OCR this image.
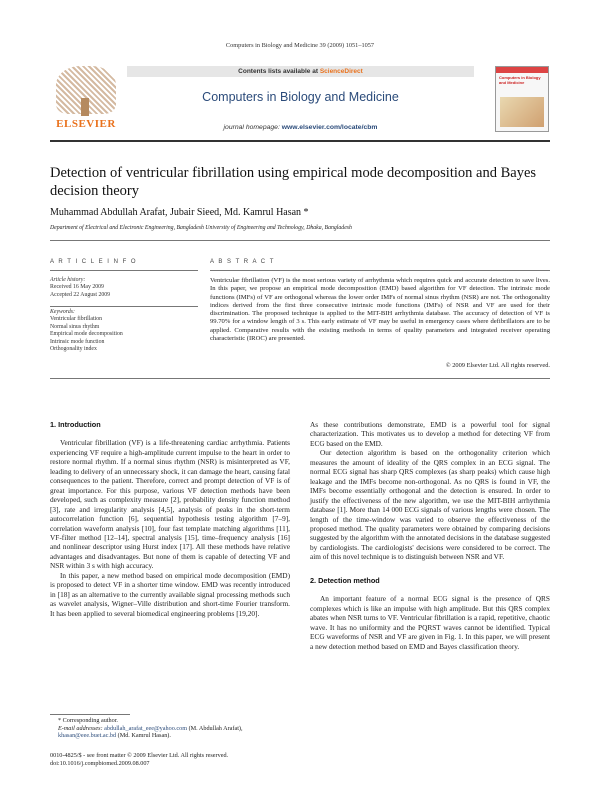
Computers in Biology and Medicine 39 (2009) 1051–1057
ELSEVIER
Contents lists available at ScienceDirect
Computers in Biology and Medicine
journal homepage: www.elsevier.com/locate/cbm
Computers in Biology and Medicine
Detection of ventricular fibrillation using empirical mode decomposition and Bayes decision theory
Muhammad Abdullah Arafat, Jubair Sieed, Md. Kamrul Hasan *
Department of Electrical and Electronic Engineering, Bangladesh University of Engineering and Technology, Dhaka, Bangladesh
A R T I C L E I N F O
Article history:
Received 16 May 2009
Accepted 22 August 2009
Keywords:
Ventricular fibrillation
Normal sinus rhythm
Empirical mode decomposition
Intrinsic mode function
Orthogonality index
A B S T R A C T
Ventricular fibrillation (VF) is the most serious variety of arrhythmia which requires quick and accurate detection to save lives. In this paper, we propose an empirical mode decomposition (EMD) based algorithm for VF detection. The intrinsic mode functions (IMFs) of VF are orthogonal whereas the lower order IMFs of normal sinus rhythm (NSR) are not. The orthogonality indices derived from the first three consecutive intrinsic mode functions (IMFs) of NSR and VF are used for their discrimination. The proposed technique is applied to the MIT-BIH arrhythmia database. The accuracy of detection of VF is 99.70% for a window length of 3 s. This early estimate of VF may be useful in emergency cases where defibrillators are to be applied. Comparative results with the existing methods in terms of quality parameters and integrated receiver operating characteristic (IROC) are presented.
© 2009 Elsevier Ltd. All rights reserved.
1. Introduction

Ventricular fibrillation (VF) is a life-threatening cardiac arrhythmia. Patients experiencing VF require a high-amplitude current impulse to the heart in order to restore normal rhythm. If a normal sinus rhythm (NSR) is misinterpreted as VF, leading to delivery of an unnecessary shock, it can damage the heart, causing fatal consequences to the patient. Therefore, correct and prompt detection of VF is of great importance. For this purpose, various VF detection methods have been developed, such as complexity measure [2], probability density function method [3], rate and irregularity analysis [4,5], analysis of peaks in the short-term autocorrelation function [6], sequential hypothesis testing algorithm [7–9], correlation waveform analysis [10], four fast template matching algorithms [11], VF-filter method [12–14], spectral analysis [15], time–frequency analysis [16] and nonlinear descriptor using Hurst index [17]. All these methods have relative advantages and disadvantages. But none of them is capable of detecting VF and NSR within 3 s with high accuracy.

In this paper, a new method based on empirical mode decomposition (EMD) is proposed to detect VF in a shorter time window. EMD was recently introduced in [18] as an alternative to the currently available signal processing methods such as wavelet analysis, Wigner–Ville distribution and short-time Fourier transform. It has been applied to several biomedical engineering problems [19,20].

As these contributions demonstrate, EMD is a powerful tool for signal characterization. This motivates us to develop a method for detecting VF from ECG based on the EMD.

Our detection algorithm is based on the orthogonality criterion which measures the amount of ideality of the QRS complex in an ECG signal. The normal ECG signal has sharp QRS complexes (as sharp peaks) which cause high leakage and the IMFs become non-orthogonal. As no QRS is found in VF, the IMFs become essentially orthogonal and the detection is ensured. In order to justify the effectiveness of the new algorithm, we use the MIT-BIH arrhythmia database [1]. More than 14 000 ECG signals of various lengths were chosen. The length of the time-window was varied to observe the effectiveness of the proposed method. The quality parameters were obtained by comparing decisions suggested by the algorithm with the annotated decisions in the database suggested by cardiologists. The cardiologists' decisions were considered to be correct. The aim of this novel technique is to distinguish between NSR and VF.

2. Detection method

An important feature of a normal ECG signal is the presence of QRS complexes which is like an impulse with high amplitude. But this QRS complex abates when NSR turns to VF. Ventricular fibrillation is a rapid, repetitive, chaotic wave. It has no uniformity and the PQRST waves cannot be identified. Typical ECG waveforms of NSR and VF are given in Fig. 1. In this paper, we will present a new detection method based on EMD and Bayes classification theory.

* Corresponding author.
E-mail addresses: abdullah_arafat_eee@yahoo.com (M. Abdullah Arafat), khasan@eee.buet.ac.bd (Md. Kamrul Hasan).
0010-4825/$ - see front matter © 2009 Elsevier Ltd. All rights reserved.
doi:10.1016/j.compbiomed.2009.08.007
